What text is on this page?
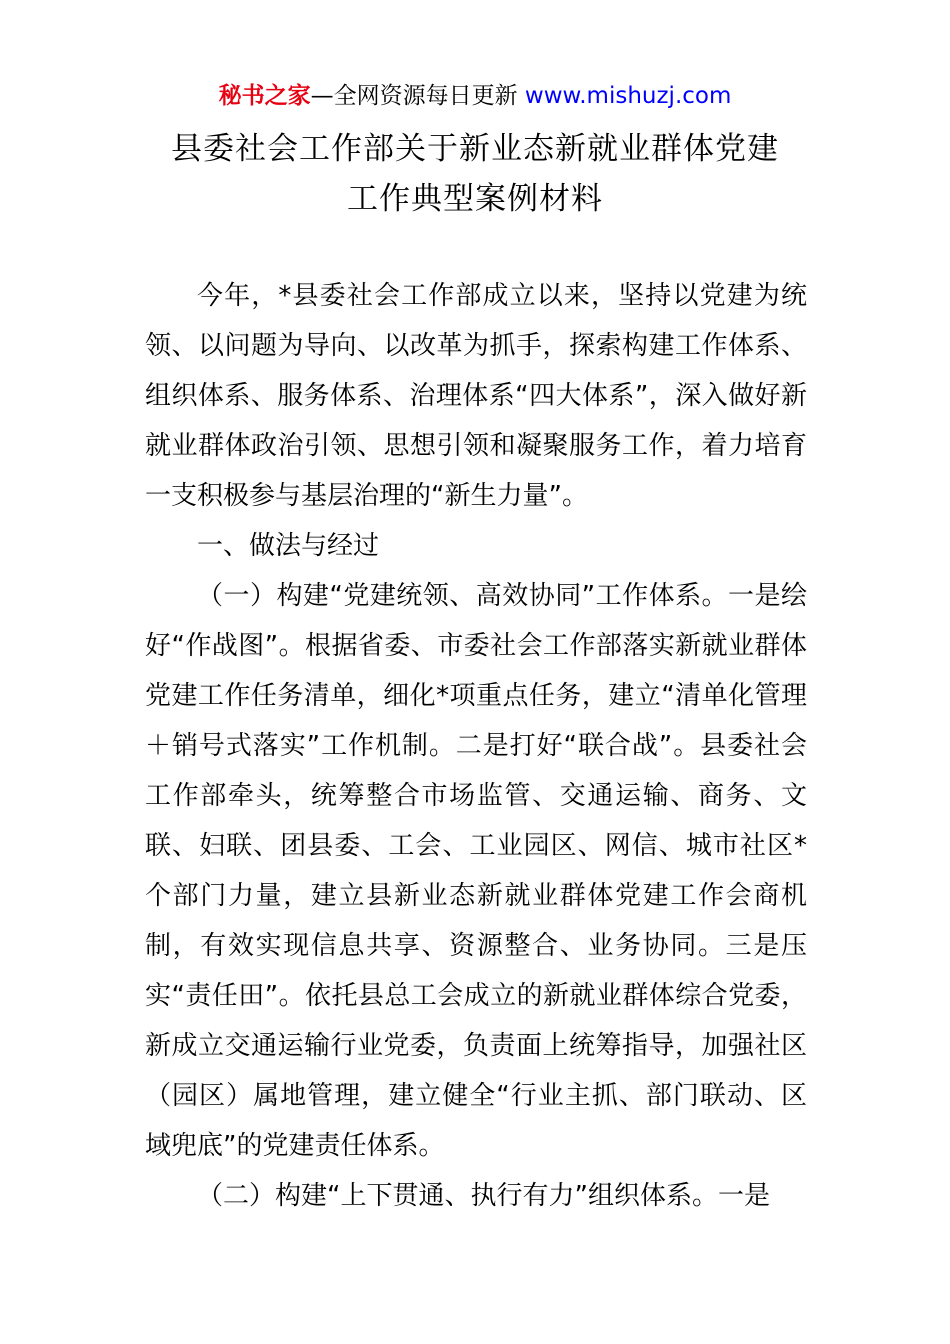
秘书之家—全网资源每日更新 www.mishuzj.com
县委社会工作部关于新业态新就业群体党建
工作典型案例材料

今年，*县委社会工作部成立以来，坚持以党建为统领、以问题为导向、以改革为抓手，探索构建工作体系、组织体系、服务体系、治理体系“四大体系”，深入做好新就业群体政治引领、思想引领和凝聚服务工作，着力培育一支积极参与基层治理的“新生力量”。

一、做法与经过

（一）构建“党建统领、高效协同”工作体系。一是绘好“作战图”。根据省委、市委社会工作部落实新就业群体党建工作任务清单，细化*项重点任务，建立“清单化管理＋销号式落实”工作机制。二是打好“联合战”。县委社会工作部牵头，统筹整合市场监管、交通运输、商务、文联、妇联、团县委、工会、工业园区、网信、城市社区*个部门力量，建立县新业态新就业群体党建工作会商机制，有效实现信息共享、资源整合、业务协同。三是压实“责任田”。依托县总工会成立的新就业群体综合党委，新成立交通运输行业党委，负责面上统筹指导，加强社区（园区）属地管理，建立健全“行业主抓、部门联动、区域兜底”的党建责任体系。

（二）构建“上下贯通、执行有力”组织体系。一是
